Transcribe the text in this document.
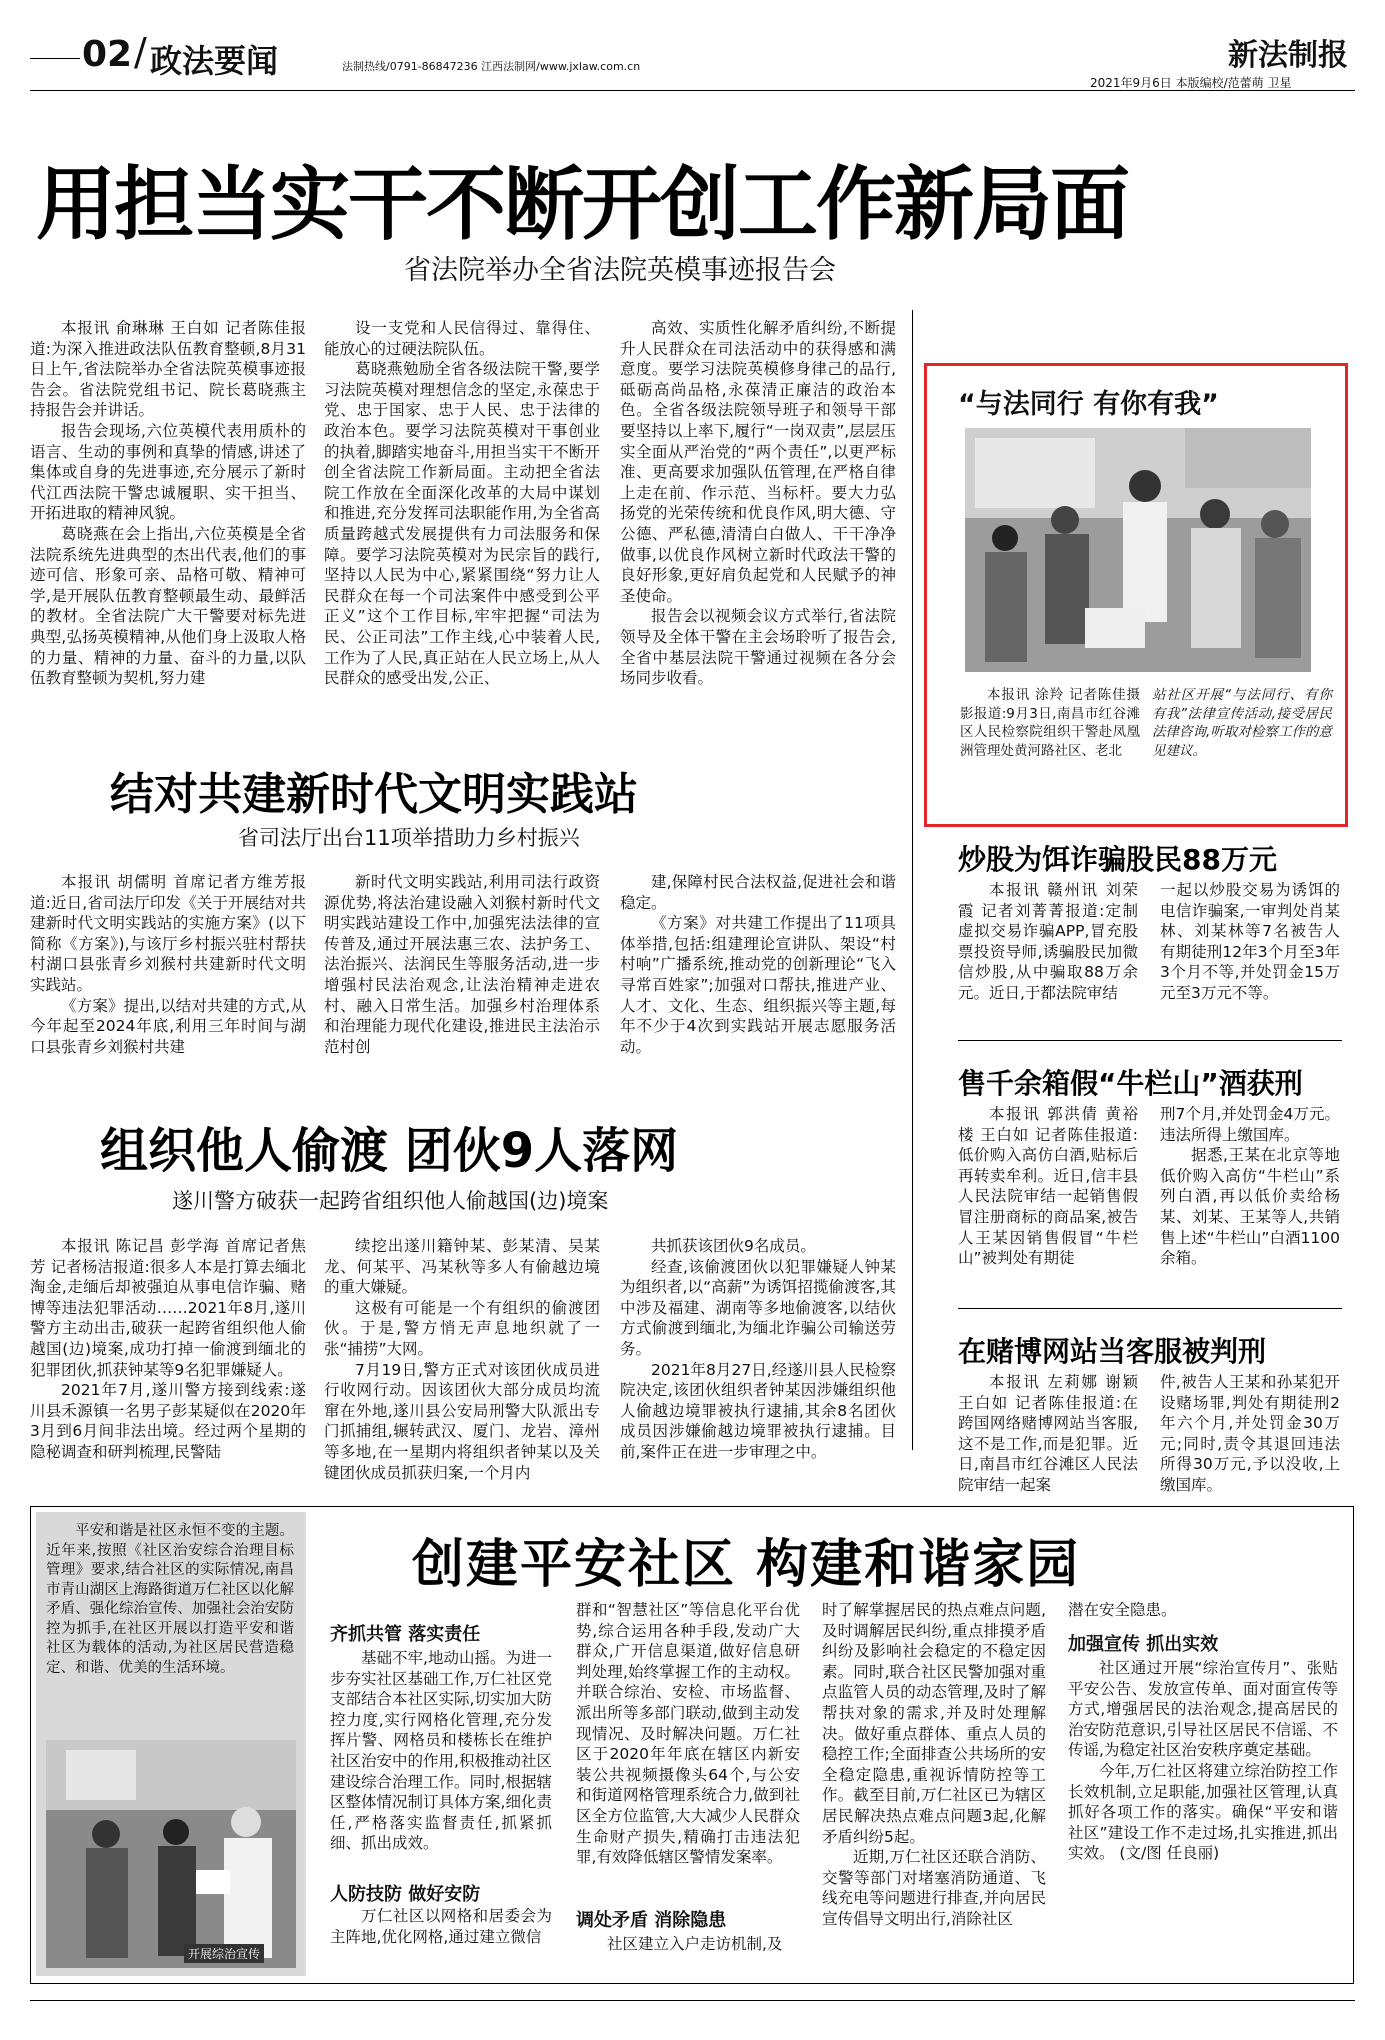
02 / 政法要闻	法制热线/0791-86847236 江西法制网/www.jxlaw.com.cn	新法制报
2021年9月6日 本版编校/范蕾萌 卫星
用担当实干不断开创工作新局面
省法院举办全省法院英模事迹报告会

本报讯 俞琳琳 王白如 记者陈佳报道:为深入推进政法队伍教育整顿,8月31日上午,省法院举办全省法院英模事迹报告会。省法院党组书记、院长葛晓燕主持报告会并讲话。

报告会现场,六位英模代表用质朴的语言、生动的事例和真挚的情感,讲述了集体或自身的先进事迹,充分展示了新时代江西法院干警忠诚履职、实干担当、开拓进取的精神风貌。

葛晓燕在会上指出,六位英模是全省法院系统先进典型的杰出代表,他们的事迹可信、形象可亲、品格可敬、精神可学,是开展队伍教育整顿最生动、最鲜活的教材。全省法院广大干警要对标先进典型,弘扬英模精神,从他们身上汲取人格的力量、精神的力量、奋斗的力量,以队伍教育整顿为契机,努力建

设一支党和人民信得过、靠得住、能放心的过硬法院队伍。

葛晓燕勉励全省各级法院干警,要学习法院英模对理想信念的坚定,永葆忠于党、忠于国家、忠于人民、忠于法律的政治本色。要学习法院英模对干事创业的执着,脚踏实地奋斗,用担当实干不断开创全省法院工作新局面。主动把全省法院工作放在全面深化改革的大局中谋划和推进,充分发挥司法职能作用,为全省高质量跨越式发展提供有力司法服务和保障。要学习法院英模对为民宗旨的践行,坚持以人民为中心,紧紧围绕“努力让人民群众在每一个司法案件中感受到公平正义”这个工作目标,牢牢把握“司法为民、公正司法”工作主线,心中装着人民,工作为了人民,真正站在人民立场上,从人民群众的感受出发,公正、

高效、实质性化解矛盾纠纷,不断提升人民群众在司法活动中的获得感和满意度。要学习法院英模修身律己的品行,砥砺高尚品格,永葆清正廉洁的政治本色。全省各级法院领导班子和领导干部要坚持以上率下,履行“一岗双责”,层层压实全面从严治党的“两个责任”,以更严标准、更高要求加强队伍管理,在严格自律上走在前、作示范、当标杆。要大力弘扬党的光荣传统和优良作风,明大德、守公德、严私德,清清白白做人、干干净净做事,以优良作风树立新时代政法干警的良好形象,更好肩负起党和人民赋予的神圣使命。

报告会以视频会议方式举行,省法院领导及全体干警在主会场聆听了报告会,全省中基层法院干警通过视频在各分会场同步收看。

“与法同行 有你有我”

本报讯 涂羚 记者陈佳摄影报道:9月3日,南昌市红谷滩区人民检察院组织干警赴凤凰洲管理处黄河路社区、老北

站社区开展“与法同行、有你有我”法律宣传活动,接受居民法律咨询,听取对检察工作的意见建议。

结对共建新时代文明实践站
省司法厅出台11项举措助力乡村振兴

本报讯 胡儒明 首席记者方维芳报道:近日,省司法厅印发《关于开展结对共建新时代文明实践站的实施方案》(以下简称《方案》),与该厅乡村振兴驻村帮扶村湖口县张青乡刘猴村共建新时代文明实践站。

《方案》提出,以结对共建的方式,从今年起至2024年底,利用三年时间与湖口县张青乡刘猴村共建

新时代文明实践站,利用司法行政资源优势,将法治建设融入刘猴村新时代文明实践站建设工作中,加强宪法法律的宣传普及,通过开展法惠三农、法护务工、法治振兴、法润民生等服务活动,进一步增强村民法治观念,让法治精神走进农村、融入日常生活。加强乡村治理体系和治理能力现代化建设,推进民主法治示范村创

建,保障村民合法权益,促进社会和谐稳定。

《方案》对共建工作提出了11项具体举措,包括:组建理论宣讲队、架设“村村响”广播系统,推动党的创新理论“飞入寻常百姓家”;加强对口帮扶,推进产业、人才、文化、生态、组织振兴等主题,每年不少于4次到实践站开展志愿服务活动。

组织他人偷渡 团伙9人落网
遂川警方破获一起跨省组织他人偷越国(边)境案

本报讯 陈记昌 彭学海 首席记者焦芳 记者杨洁报道:很多人本是打算去缅北淘金,走缅后却被强迫从事电信诈骗、赌博等违法犯罪活动……2021年8月,遂川警方主动出击,破获一起跨省组织他人偷越国(边)境案,成功打掉一偷渡到缅北的犯罪团伙,抓获钟某等9名犯罪嫌疑人。

2021年7月,遂川警方接到线索:遂川县禾源镇一名男子彭某疑似在2020年3月到6月间非法出境。经过两个星期的隐秘调查和研判梳理,民警陆

续挖出遂川籍钟某、彭某清、吴某龙、何某平、冯某秋等多人有偷越边境的重大嫌疑。

这极有可能是一个有组织的偷渡团伙。于是,警方悄无声息地织就了一张“捕捞”大网。

7月19日,警方正式对该团伙成员进行收网行动。因该团伙大部分成员均流窜在外地,遂川县公安局刑警大队派出专门抓捕组,辗转武汉、厦门、龙岩、漳州等多地,在一星期内将组织者钟某以及关键团伙成员抓获归案,一个月内

共抓获该团伙9名成员。

经查,该偷渡团伙以犯罪嫌疑人钟某为组织者,以“高薪”为诱饵招揽偷渡客,其中涉及福建、湖南等多地偷渡客,以结伙方式偷渡到缅北,为缅北诈骗公司输送劳务。

2021年8月27日,经遂川县人民检察院决定,该团伙组织者钟某因涉嫌组织他人偷越边境罪被执行逮捕,其余8名团伙成员因涉嫌偷越边境罪被执行逮捕。目前,案件正在进一步审理之中。

炒股为饵诈骗股民88万元

本报讯 赣州讯 刘荣霞 记者刘菁菁报道:定制虚拟交易诈骗APP,冒充股票投资导师,诱骗股民加微信炒股,从中骗取88万余元。近日,于都法院审结

一起以炒股交易为诱饵的电信诈骗案,一审判处肖某林、刘某林等7名被告人有期徒刑12年3个月至3年3个月不等,并处罚金15万元至3万元不等。

售千余箱假“牛栏山”酒获刑

本报讯 郭洪倩 黄裕楼 王白如 记者陈佳报道:低价购入高仿白酒,贴标后再转卖牟利。近日,信丰县人民法院审结一起销售假冒注册商标的商品案,被告人王某因销售假冒“牛栏山”被判处有期徒

刑7个月,并处罚金4万元。违法所得上缴国库。

据悉,王某在北京等地低价购入高仿“牛栏山”系列白酒,再以低价卖给杨某、刘某、王某等人,共销售上述“牛栏山”白酒1100余箱。

在赌博网站当客服被判刑

本报讯 左莉娜 谢颖 王白如 记者陈佳报道:在跨国网络赌博网站当客服,这不是工作,而是犯罪。近日,南昌市红谷滩区人民法院审结一起案

件,被告人王某和孙某犯开设赌场罪,判处有期徒刑2年六个月,并处罚金30万元;同时,责令其退回违法所得30万元,予以没收,上缴国库。

平安和谐是社区永恒不变的主题。近年来,按照《社区治安综合治理目标管理》要求,结合社区的实际情况,南昌市青山湖区上海路街道万仁社区以化解矛盾、强化综治宣传、加强社会治安防控为抓手,在社区开展以打造平安和谐社区为载体的活动,为社区居民营造稳定、和谐、优美的生活环境。

开展综治宣传
创建平安社区 构建和谐家园
齐抓共管 落实责任

基础不牢,地动山摇。为进一步夯实社区基础工作,万仁社区党支部结合本社区实际,切实加大防控力度,实行网格化管理,充分发挥片警、网格员和楼栋长在维护社区治安中的作用,积极推动社区建设综合治理工作。同时,根据辖区整体情况制订具体方案,细化责任,严格落实监督责任,抓紧抓细、抓出成效。

人防技防 做好安防

万仁社区以网格和居委会为主阵地,优化网格,通过建立微信

群和“智慧社区”等信息化平台优势,综合运用各种手段,发动广大群众,广开信息渠道,做好信息研判处理,始终掌握工作的主动权。并联合综治、安检、市场监督、派出所等多部门联动,做到主动发现情况、及时解决问题。万仁社区于2020年年底在辖区内新安装公共视频摄像头64个,与公安和街道网格管理系统合力,做到社区全方位监管,大大减少人民群众生命财产损失,精确打击违法犯罪,有效降低辖区警情发案率。

调处矛盾 消除隐患

社区建立入户走访机制,及

时了解掌握居民的热点难点问题,及时调解居民纠纷,重点排摸矛盾纠纷及影响社会稳定的不稳定因素。同时,联合社区民警加强对重点监管人员的动态管理,及时了解帮扶对象的需求,并及时处理解决。做好重点群体、重点人员的稳控工作;全面排查公共场所的安全稳定隐患,重视诉情防控等工作。截至目前,万仁社区已为辖区居民解决热点难点问题3起,化解矛盾纠纷5起。

近期,万仁社区还联合消防、交警等部门对堵塞消防通道、飞线充电等问题进行排查,并向居民宣传倡导文明出行,消除社区

潜在安全隐患。

加强宣传 抓出实效

社区通过开展“综治宣传月”、张贴平安公告、发放宣传单、面对面宣传等方式,增强居民的法治观念,提高居民的治安防范意识,引导社区居民不信谣、不传谣,为稳定社区治安秩序奠定基础。

今年,万仁社区将建立综治防控工作长效机制,立足职能,加强社区管理,认真抓好各项工作的落实。确保“平安和谐社区”建设工作不走过场,扎实推进,抓出实效。 (文/图 任良丽)
